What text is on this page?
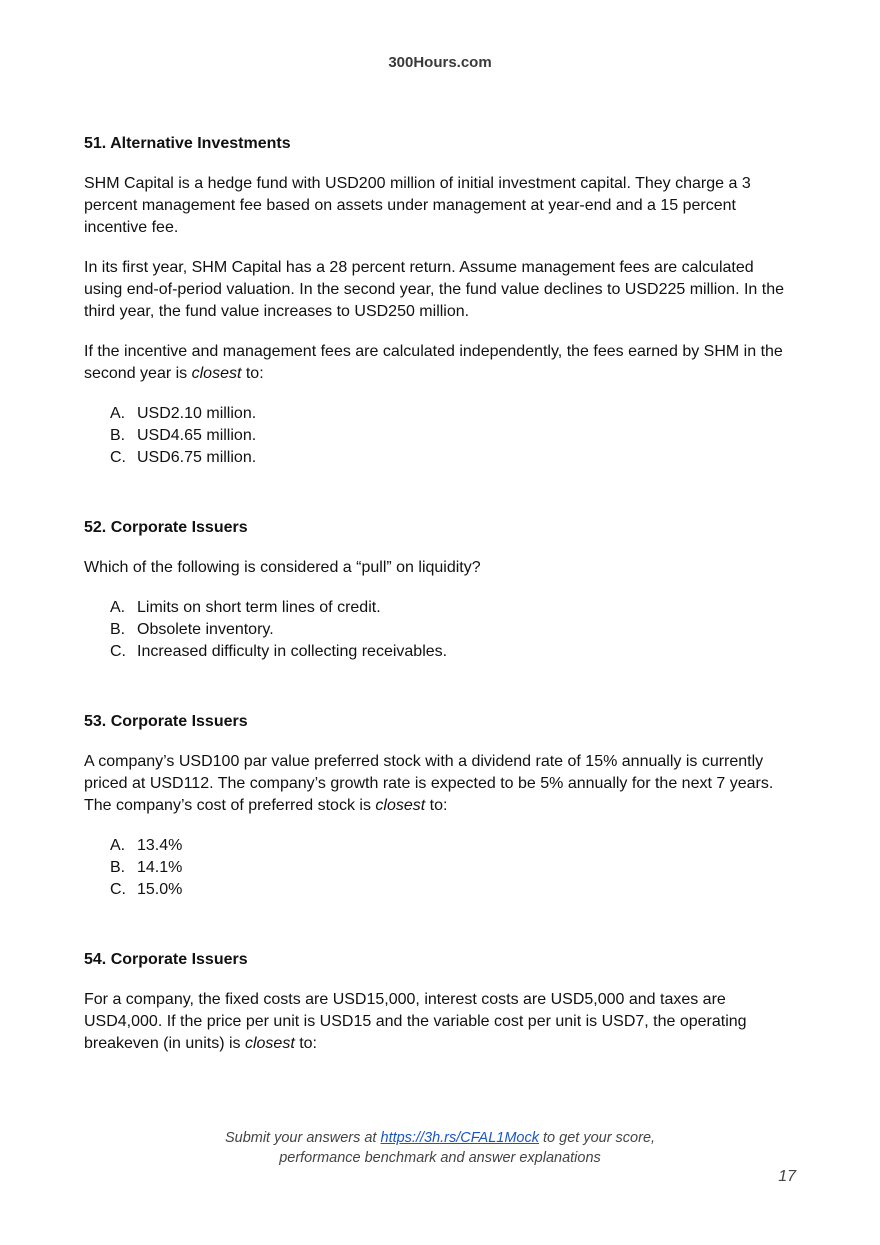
300Hours.com
51. Alternative Investments

SHM Capital is a hedge fund with USD200 million of initial investment capital. They charge a 3 percent management fee based on assets under management at year-end and a 15 percent incentive fee.

In its first year, SHM Capital has a 28 percent return. Assume management fees are calculated using end-of-period valuation. In the second year, the fund value declines to USD225 million. In the third year, the fund value increases to USD250 million.

If the incentive and management fees are calculated independently, the fees earned by SHM in the second year is closest to:

A. USD2.10 million.
B. USD4.65 million.
C. USD6.75 million.
52. Corporate Issuers

Which of the following is considered a “pull” on liquidity?

A. Limits on short term lines of credit.
B. Obsolete inventory.
C. Increased difficulty in collecting receivables.
53. Corporate Issuers

A company’s USD100 par value preferred stock with a dividend rate of 15% annually is currently priced at USD112. The company’s growth rate is expected to be 5% annually for the next 7 years. The company’s cost of preferred stock is closest to:

A. 13.4%
B. 14.1%
C. 15.0%
54. Corporate Issuers

For a company, the fixed costs are USD15,000, interest costs are USD5,000 and taxes are USD4,000. If the price per unit is USD15 and the variable cost per unit is USD7, the operating breakeven (in units) is closest to:

Submit your answers at https://3h.rs/CFAL1Mock to get your score,
performance benchmark and answer explanations
17
